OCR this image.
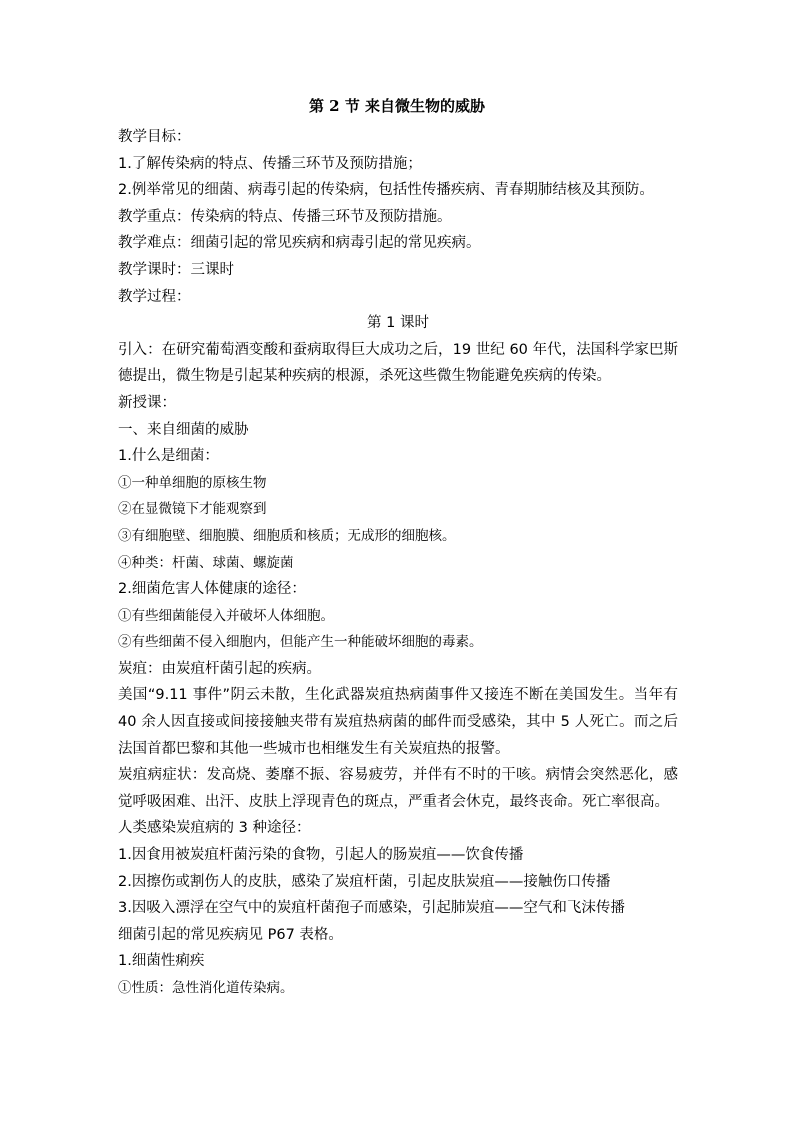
第 2 节 来自微生物的威胁

教学目标：

1.了解传染病的特点、传播三环节及预防措施；

2.例举常见的细菌、病毒引起的传染病，包括性传播疾病、青春期肺结核及其预防。

教学重点：传染病的特点、传播三环节及预防措施。

教学难点：细菌引起的常见疾病和病毒引起的常见疾病。

教学课时：三课时

教学过程：

第 1 课时

引入：在研究葡萄酒变酸和蚕病取得巨大成功之后，19 世纪 60 年代，法国科学家巴斯德提出，微生物是引起某种疾病的根源，杀死这些微生物能避免疾病的传染。

新授课：

一、来自细菌的威胁

1.什么是细菌：

①一种单细胞的原核生物

②在显微镜下才能观察到

③有细胞壁、细胞膜、细胞质和核质；无成形的细胞核。

④种类：杆菌、球菌、螺旋菌

2.细菌危害人体健康的途径：

①有些细菌能侵入并破坏人体细胞。

②有些细菌不侵入细胞内，但能产生一种能破坏细胞的毒素。

炭疽：由炭疽杆菌引起的疾病。

美国“9.11 事件”阴云未散，生化武器炭疽热病菌事件又接连不断在美国发生。当年有 40 余人因直接或间接接触夹带有炭疽热病菌的邮件而受感染，其中 5 人死亡。而之后法国首都巴黎和其他一些城市也相继发生有关炭疽热的报警。

炭疽病症状：发高烧、萎靡不振、容易疲劳，并伴有不时的干咳。病情会突然恶化，感觉呼吸困难、出汗、皮肤上浮现青色的斑点，严重者会休克，最终丧命。死亡率很高。

人类感染炭疽病的 3 种途径：

1.因食用被炭疽杆菌污染的食物，引起人的肠炭疽——饮食传播

2.因擦伤或割伤人的皮肤，感染了炭疽杆菌，引起皮肤炭疽——接触伤口传播

3.因吸入漂浮在空气中的炭疽杆菌孢子而感染，引起肺炭疽——空气和飞沫传播

细菌引起的常见疾病见 P67 表格。

1.细菌性痢疾

①性质：急性消化道传染病。
